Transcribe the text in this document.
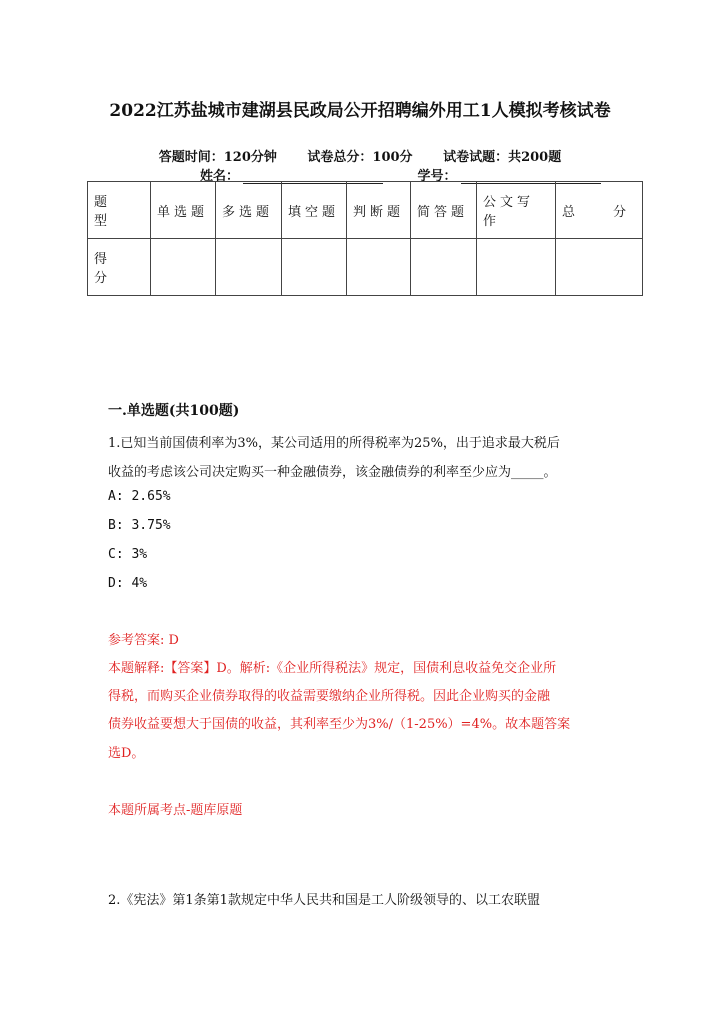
2022江苏盐城市建湖县民政局公开招聘编外用工1人模拟考核试卷
答题时间：120分钟 试卷总分：100分 试卷试题：共200题
姓名：	学号：
题　型	单选题	多选题	填空题	判断题	简答题	公文写作	总　　分
得　分							
一.单选题(共100题)
1.已知当前国债利率为3%，某公司适用的所得税率为25%，出于追求最大税后
收益的考虑该公司决定购买一种金融债券，该金融债券的利率至少应为_____。
A: 2.65%
B: 3.75%
C: 3%
D: 4%
参考答案: D
本题解释:【答案】D。解析:《企业所得税法》规定，国债利息收益免交企业所
得税，而购买企业债券取得的收益需要缴纳企业所得税。因此企业购买的金融
债券收益要想大于国债的收益，其利率至少为3%/（1-25%）=4%。故本题答案
选D。
本题所属考点-题库原题
2.《宪法》第1条第1款规定中华人民共和国是工人阶级领导的、以工农联盟
